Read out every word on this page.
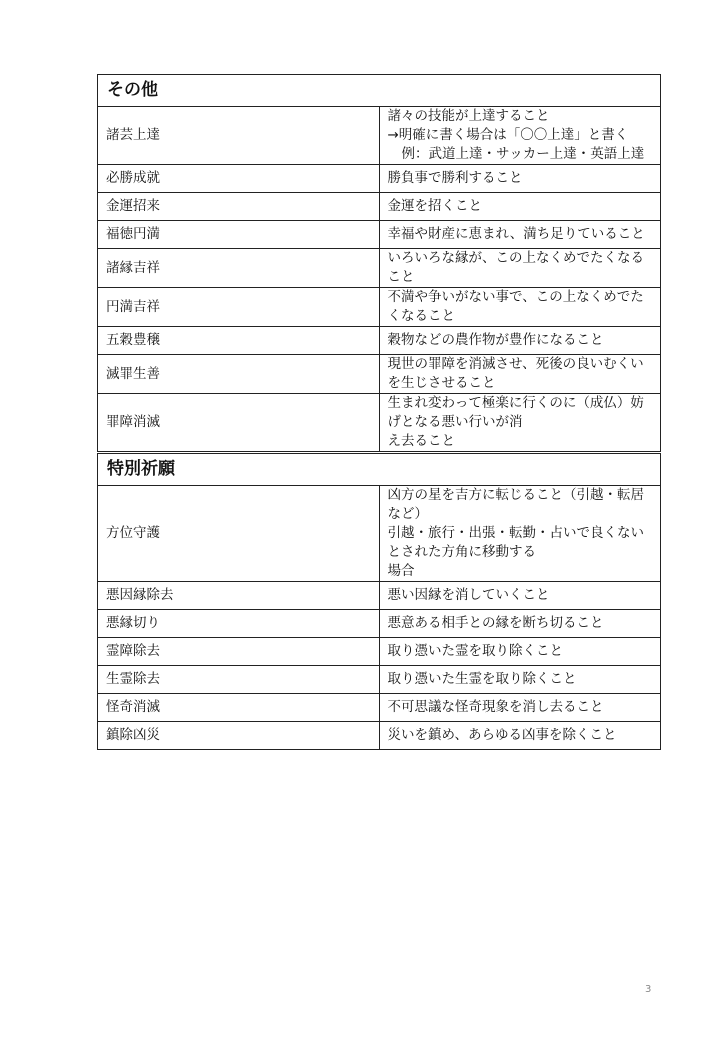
その他	
諸芸上達	諸々の技能が上達すること
→明確に書く場合は「〇〇上達」と書く
例：武道上達・サッカー上達・英語上達

必勝成就	勝負事で勝利すること

金運招来	金運を招くこと

福徳円満	幸福や財産に恵まれ、満ち足りていること

諸縁吉祥	いろいろな縁が、この上なくめでたくなること

円満吉祥	不満や争いがない事で、この上なくめでたくなること

五穀豊穣	穀物などの農作物が豊作になること

滅罪生善	現世の罪障を消滅させ、死後の良いむくいを生じさせること

罪障消滅	生まれ変わって極楽に行くのに（成仏）妨げとなる悪い行いが消
え去ること
特別祈願	
方位守護	凶方の星を吉方に転じること（引越・転居など）
引越・旅行・出張・転勤・占いで良くないとされた方角に移動する
場合

悪因縁除去	悪い因縁を消していくこと

悪縁切り	悪意ある相手との縁を断ち切ること

霊障除去	取り憑いた霊を取り除くこと

生霊除去	取り憑いた生霊を取り除くこと

怪奇消滅	不可思議な怪奇現象を消し去ること

鎮除凶災	災いを鎮め、あらゆる凶事を除くこと
3
